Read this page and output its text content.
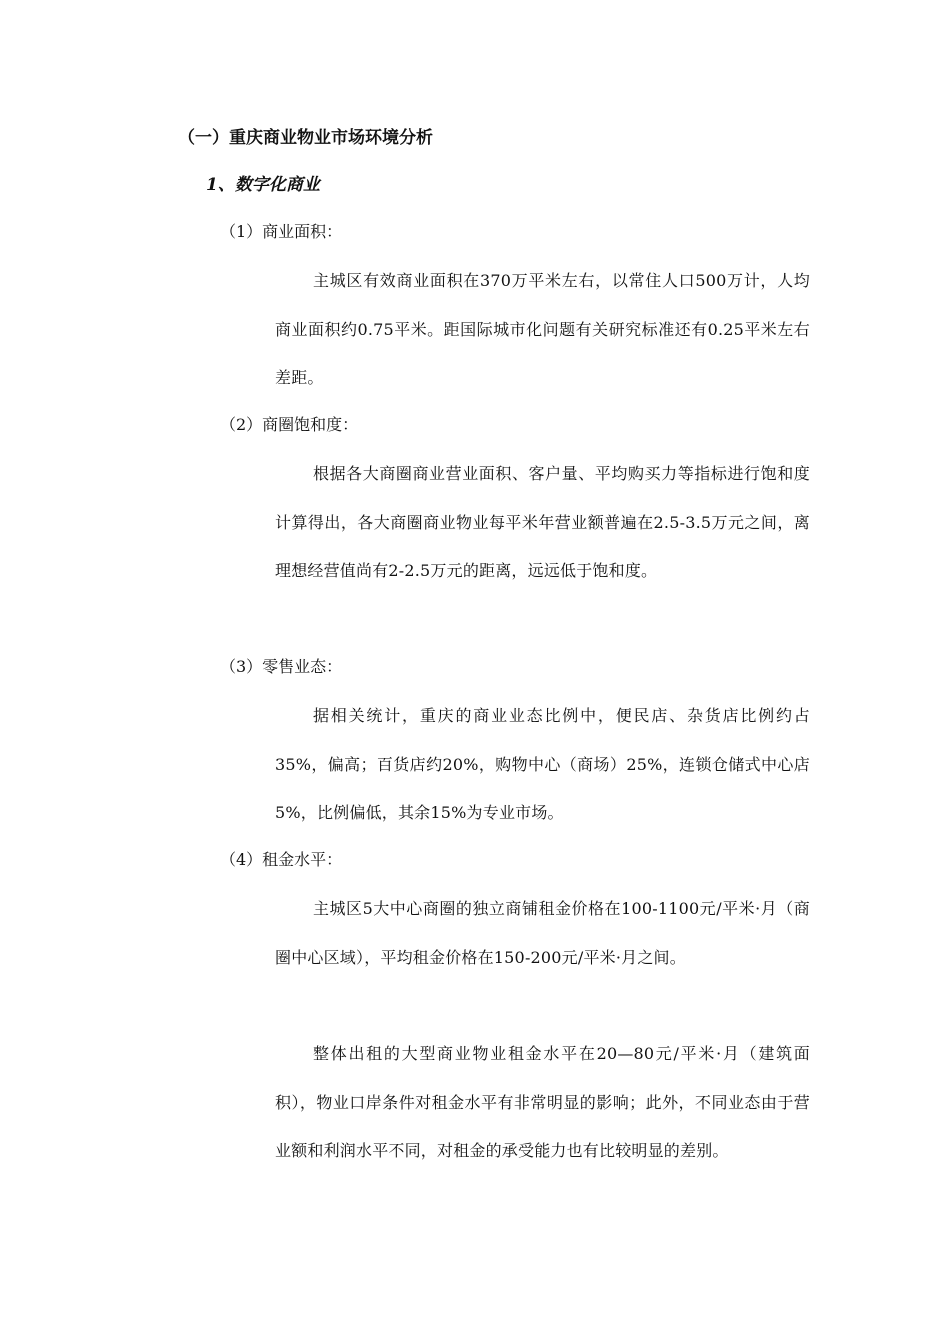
（一）重庆商业物业市场环境分析
1、数字化商业
（1）商业面积：

主城区有效商业面积在370万平米左右，以常住人口500万计，人均商业面积约0.75平米。距国际城市化问题有关研究标准还有0.25平米左右差距。

（2）商圈饱和度：

根据各大商圈商业营业面积、客户量、平均购买力等指标进行饱和度计算得出，各大商圈商业物业每平米年营业额普遍在2.5-3.5万元之间，离理想经营值尚有2-2.5万元的距离，远远低于饱和度。

（3）零售业态：

据相关统计，重庆的商业业态比例中，便民店、杂货店比例约占35%，偏高；百货店约20%，购物中心（商场）25%，连锁仓储式中心店5%，比例偏低，其余15%为专业市场。

（4）租金水平：

主城区5大中心商圈的独立商铺租金价格在100-1100元/平米·月（商圈中心区域），平均租金价格在150-200元/平米·月之间。

整体出租的大型商业物业租金水平在20—80元/平米·月（建筑面积），物业口岸条件对租金水平有非常明显的影响；此外，不同业态由于营业额和利润水平不同，对租金的承受能力也有比较明显的差别。
